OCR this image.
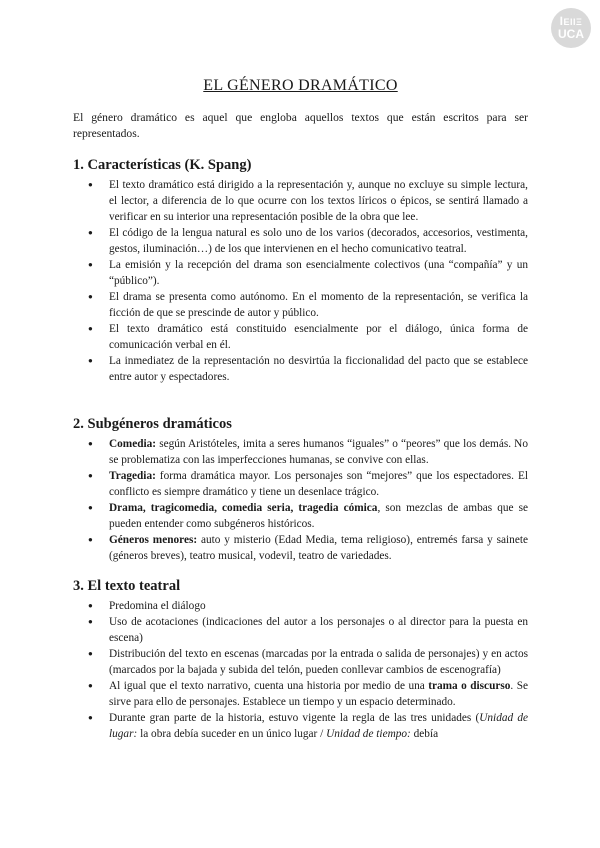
ꟾEIIΞ
UCA
EL GÉNERO DRAMÁTICO

El género dramático es aquel que engloba aquellos textos que están escritos para ser representados.

1. Características (K. Spang)
● El texto dramático está dirigido a la representación y, aunque no excluye su simple lectura, el lector, a diferencia de lo que ocurre con los textos líricos o épicos, se sentirá llamado a verificar en su interior una representación posible de la obra que lee.
● El código de la lengua natural es solo uno de los varios (decorados, accesorios, vestimenta, gestos, iluminación…) de los que intervienen en el hecho comunicativo teatral.
● La emisión y la recepción del drama son esencialmente colectivos (una “compañía” y un “público”).
● El drama se presenta como autónomo. En el momento de la representación, se verifica la ficción de que se prescinde de autor y público.
● El texto dramático está constituido esencialmente por el diálogo, única forma de comunicación verbal en él.
● La inmediatez de la representación no desvirtúa la ficcionalidad del pacto que se establece entre autor y espectadores.
2. Subgéneros dramáticos
● Comedia: según Aristóteles, imita a seres humanos “iguales” o “peores” que los demás. No se problematiza con las imperfecciones humanas, se convive con ellas.
● Tragedia: forma dramática mayor. Los personajes son “mejores” que los espectadores. El conflicto es siempre dramático y tiene un desenlace trágico.
● Drama, tragicomedia, comedia seria, tragedia cómica, son mezclas de ambas que se pueden entender como subgéneros históricos.
● Géneros menores: auto y misterio (Edad Media, tema religioso), entremés farsa y sainete (géneros breves), teatro musical, vodevil, teatro de variedades.
3. El texto teatral
● Predomina el diálogo
● Uso de acotaciones (indicaciones del autor a los personajes o al director para la puesta en escena)
● Distribución del texto en escenas (marcadas por la entrada o salida de personajes) y en actos (marcados por la bajada y subida del telón, pueden conllevar cambios de escenografía)
● Al igual que el texto narrativo, cuenta una historia por medio de una trama o discurso. Se sirve para ello de personajes. Establece un tiempo y un espacio determinado.
● Durante gran parte de la historia, estuvo vigente la regla de las tres unidades (Unidad de lugar: la obra debía suceder en un único lugar / Unidad de tiempo: debía
